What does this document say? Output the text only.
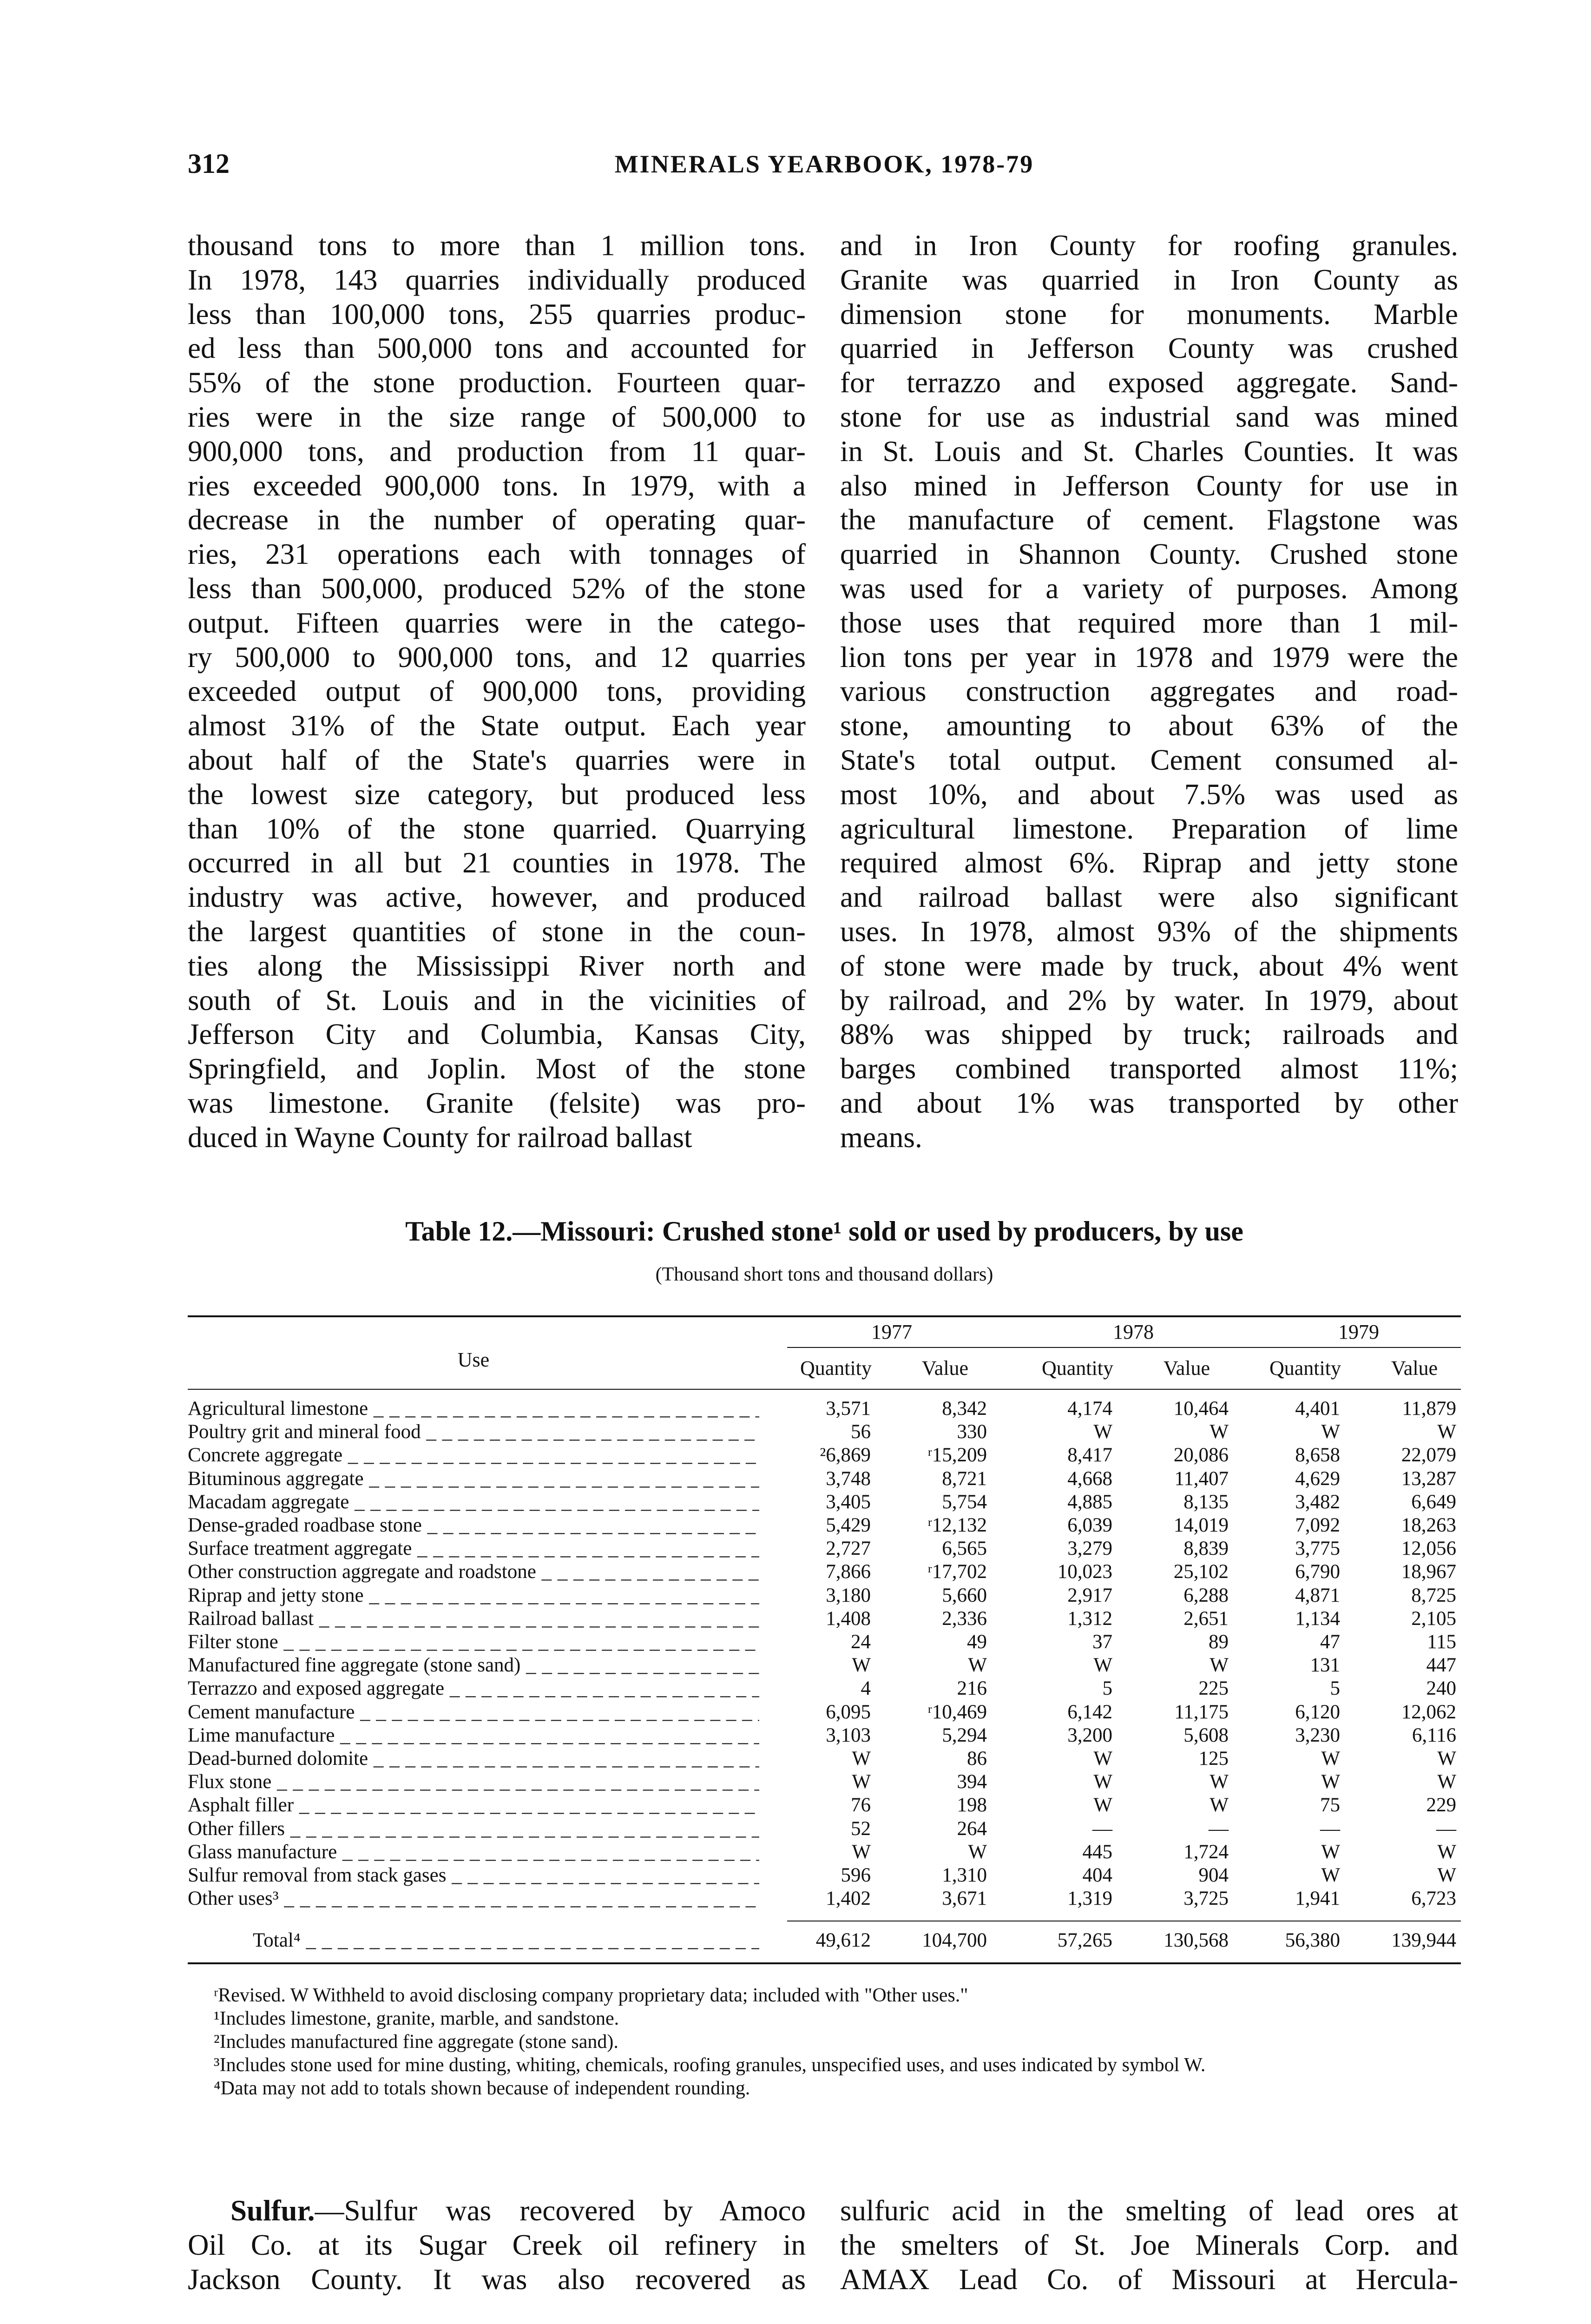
312	MINERALS YEARBOOK, 1978-79
thousand tons to more than 1 million tons.
In 1978, 143 quarries individually produced
less than 100,000 tons, 255 quarries produc-
ed less than 500,000 tons and accounted for
55% of the stone production. Fourteen quar-
ries were in the size range of 500,000 to
900,000 tons, and production from 11 quar-
ries exceeded 900,000 tons. In 1979, with a
decrease in the number of operating quar-
ries, 231 operations each with tonnages of
less than 500,000, produced 52% of the stone
output. Fifteen quarries were in the catego-
ry 500,000 to 900,000 tons, and 12 quarries
exceeded output of 900,000 tons, providing
almost 31% of the State output. Each year
about half of the State's quarries were in
the lowest size category, but produced less
than 10% of the stone quarried. Quarrying
occurred in all but 21 counties in 1978. The
industry was active, however, and produced
the largest quantities of stone in the coun-
ties along the Mississippi River north and
south of St. Louis and in the vicinities of
Jefferson City and Columbia, Kansas City,
Springfield, and Joplin. Most of the stone
was limestone. Granite (felsite) was pro-
duced in Wayne County for railroad ballast
and in Iron County for roofing granules.
Granite was quarried in Iron County as
dimension stone for monuments. Marble
quarried in Jefferson County was crushed
for terrazzo and exposed aggregate. Sand-
stone for use as industrial sand was mined
in St. Louis and St. Charles Counties. It was
also mined in Jefferson County for use in
the manufacture of cement. Flagstone was
quarried in Shannon County. Crushed stone
was used for a variety of purposes. Among
those uses that required more than 1 mil-
lion tons per year in 1978 and 1979 were the
various construction aggregates and road-
stone, amounting to about 63% of the
State's total output. Cement consumed al-
most 10%, and about 7.5% was used as
agricultural limestone. Preparation of lime
required almost 6%. Riprap and jetty stone
and railroad ballast were also significant
uses. In 1978, almost 93% of the shipments
of stone were made by truck, about 4% went
by railroad, and 2% by water. In 1979, about
88% was shipped by truck; railroads and
barges combined transported almost 11%;
and about 1% was transported by other
means.
Table 12.—Missouri: Crushed stone¹ sold or used by producers, by use
(Thousand short tons and thousand dollars)
Use
1977	1978	1979
Quantity	Value	Quantity	Value	Quantity	Value
Agricultural limestone _ _ _	3,571	8,342	4,174	10,464	4,401	11,879
Poultry grit and mineral food _ _ _	56	330	W	W	W	W
Concrete aggregate _ _ _	²6,869	ʳ15,209	8,417	20,086	8,658	22,079
Bituminous aggregate _ _ _	3,748	8,721	4,668	11,407	4,629	13,287
Macadam aggregate _ _ _	3,405	5,754	4,885	8,135	3,482	6,649
Dense-graded roadbase stone _ _ _	5,429	ʳ12,132	6,039	14,019	7,092	18,263
Surface treatment aggregate _ _ _	2,727	6,565	3,279	8,839	3,775	12,056
Other construction aggregate and roadstone _ _ _	7,866	ʳ17,702	10,023	25,102	6,790	18,967
Riprap and jetty stone _ _ _	3,180	5,660	2,917	6,288	4,871	8,725
Railroad ballast _ _ _	1,408	2,336	1,312	2,651	1,134	2,105
Filter stone _ _ _	24	49	37	89	47	115
Manufactured fine aggregate (stone sand) _ _ _	W	W	W	W	131	447
Terrazzo and exposed aggregate _ _ _	4	216	5	225	5	240
Cement manufacture _ _ _	6,095	ʳ10,469	6,142	11,175	6,120	12,062
Lime manufacture _ _ _	3,103	5,294	3,200	5,608	3,230	6,116
Dead-burned dolomite _ _ _	W	86	W	125	W	W
Flux stone _ _ _	W	394	W	W	W	W
Asphalt filler _ _ _	76	198	W	W	75	229
Other fillers _ _ _	52	264	—	—	—	—
Glass manufacture _ _ _	W	W	445	1,724	W	W
Sulfur removal from stack gases _ _ _	596	1,310	404	904	W	W
Other uses³ _ _ _	1,402	3,671	1,319	3,725	1,941	6,723
Total⁴ _ _ _	49,612	104,700	57,265	130,568	56,380	139,944
ʳRevised. W Withheld to avoid disclosing company proprietary data; included with "Other uses."
¹Includes limestone, granite, marble, and sandstone.
²Includes manufactured fine aggregate (stone sand).
³Includes stone used for mine dusting, whiting, chemicals, roofing granules, unspecified uses, and uses indicated by symbol W.
⁴Data may not add to totals shown because of independent rounding.
Sulfur.—Sulfur was recovered by Amoco
Oil Co. at its Sugar Creek oil refinery in
Jackson County. It was also recovered as
sulfuric acid in the smelting of lead ores at
the smelters of St. Joe Minerals Corp. and
AMAX Lead Co. of Missouri at Hercula-
